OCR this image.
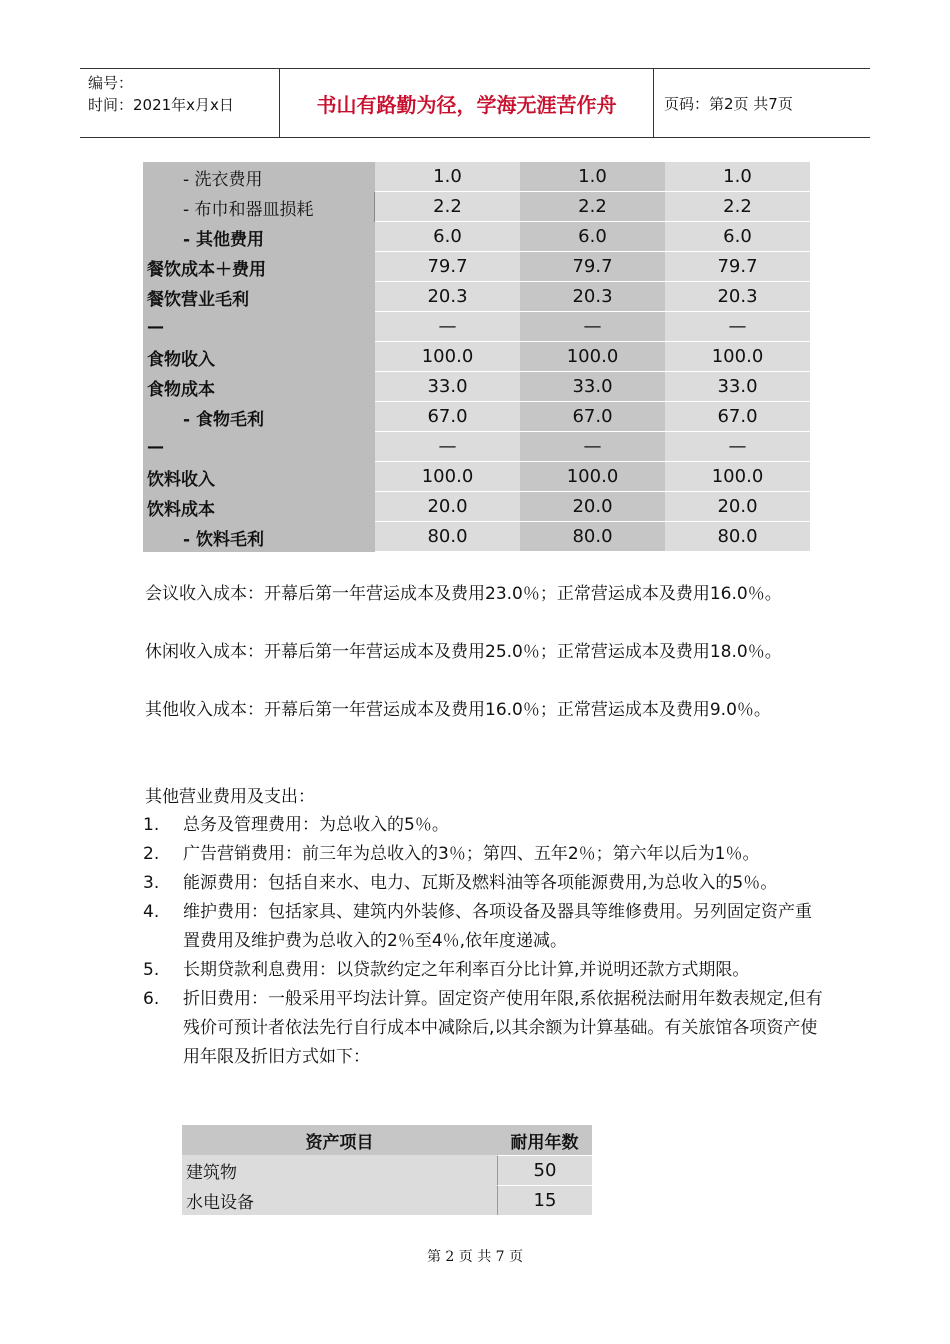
编号：
时间：2021年x月x日	书山有路勤为径，学海无涯苦作舟	页码：第2页 共7页
- 洗衣费用	1.0	1.0	1.0
- 布巾和器皿损耗	2.2	2.2	2.2
- 其他费用	6.0	6.0	6.0
餐饮成本＋费用	79.7	79.7	79.7
餐饮营业毛利	20.3	20.3	20.3
—	—	—	—
食物收入	100.0	100.0	100.0
食物成本	33.0	33.0	33.0
- 食物毛利	67.0	67.0	67.0
—	—	—	—
饮料收入	100.0	100.0	100.0
饮料成本	20.0	20.0	20.0
- 饮料毛利	80.0	80.0	80.0
会议收入成本：开幕后第一年营运成本及费用23.0％；正常营运成本及费用16.0％。
休闲收入成本：开幕后第一年营运成本及费用25.0％；正常营运成本及费用18.0％。
其他收入成本：开幕后第一年营运成本及费用16.0％；正常营运成本及费用9.0％。
其他营业费用及支出：
1.	总务及管理费用：为总收入的5％。
2.	广告营销费用：前三年为总收入的3％；第四、五年2％；第六年以后为1％。
3.	能源费用：包括自来水、电力、瓦斯及燃料油等各项能源费用,为总收入的5％。
4.	维护费用：包括家具、建筑内外装修、各项设备及器具等维修费用。另列固定资产重置费用及维护费为总收入的2％至4％,依年度递减。
5.	长期贷款利息费用：以贷款约定之年利率百分比计算,并说明还款方式期限。
6.	折旧费用：一般采用平均法计算。固定资产使用年限,系依据税法耐用年数表规定,但有残价可预计者依法先行自行成本中减除后,以其余额为计算基础。有关旅馆各项资产使用年限及折旧方式如下：
资产项目	耐用年数
建筑物	50
水电设备	15
第 2 页 共 7 页
